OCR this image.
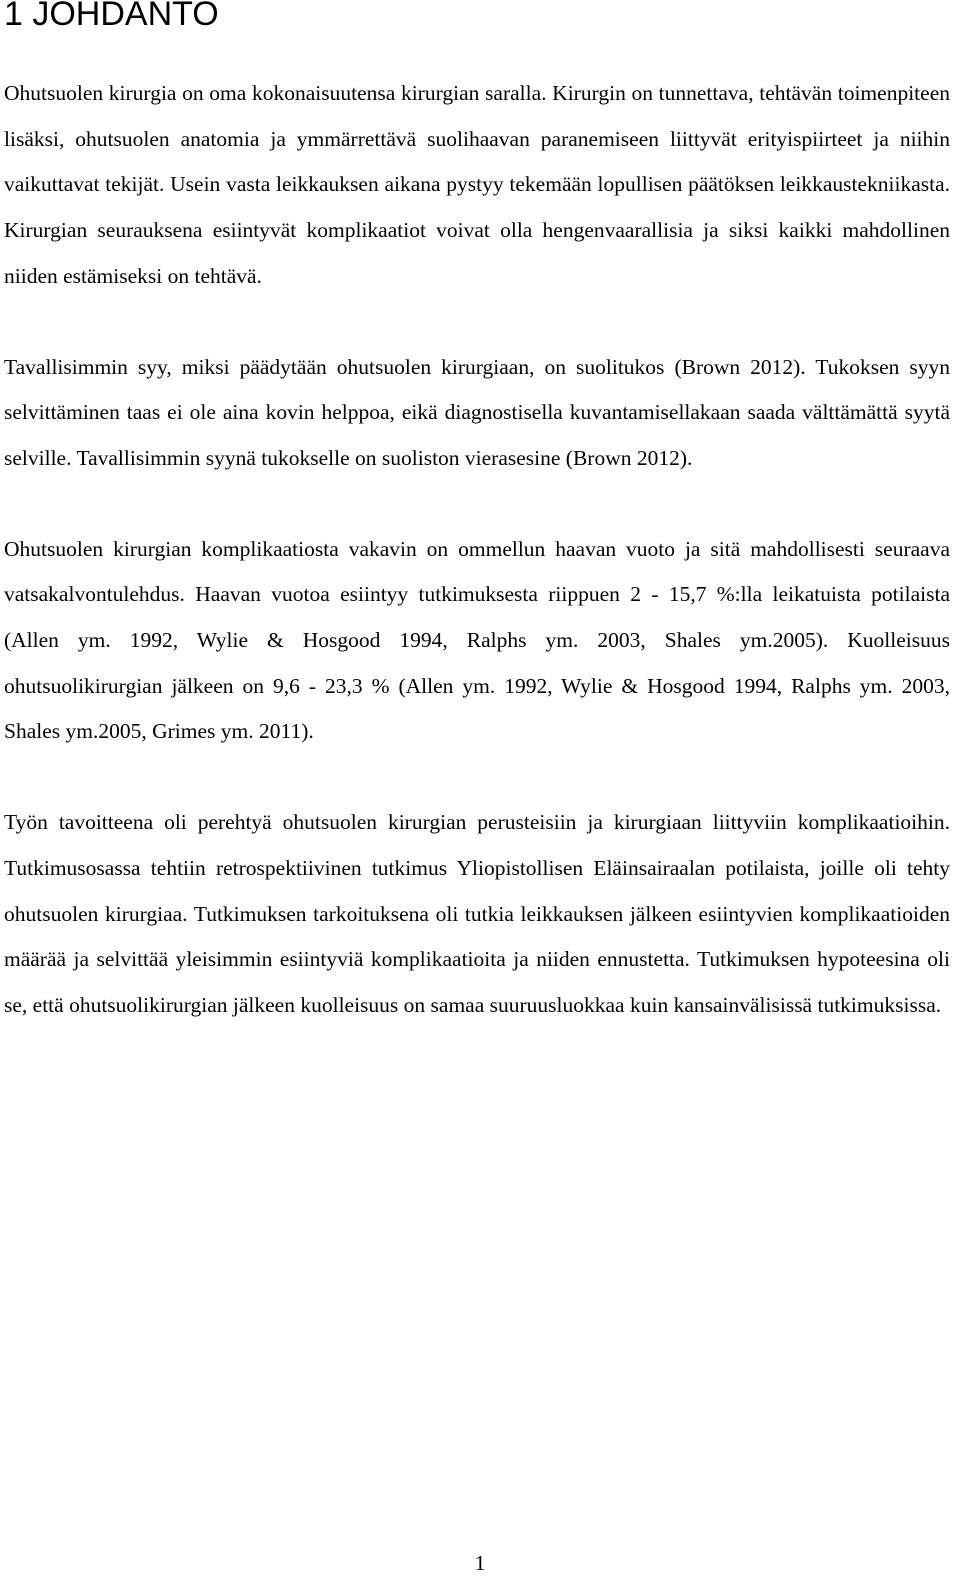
1 JOHDANTO

Ohutsuolen kirurgia on oma kokonaisuutensa kirurgian saralla. Kirurgin on tunnettava, tehtävän toimenpiteen lisäksi, ohutsuolen anatomia ja ymmärrettävä suolihaavan paranemiseen liittyvät erityispiirteet ja niihin vaikuttavat tekijät. Usein vasta leikkauksen aikana pystyy tekemään lopullisen päätöksen leikkaustekniikasta. Kirurgian seurauksena esiintyvät komplikaatiot voivat olla hengenvaarallisia ja siksi kaikki mahdollinen niiden estämiseksi on tehtävä.

Tavallisimmin syy, miksi päädytään ohutsuolen kirurgiaan, on suolitukos (Brown 2012). Tukoksen syyn selvittäminen taas ei ole aina kovin helppoa, eikä diagnostisella kuvantamisellakaan saada välttämättä syytä selville. Tavallisimmin syynä tukokselle on suoliston vierasesine (Brown 2012).

Ohutsuolen kirurgian komplikaatiosta vakavin on ommellun haavan vuoto ja sitä mahdollisesti seuraava vatsakalvontulehdus. Haavan vuotoa esiintyy tutkimuksesta riippuen 2 - 15,7 %:lla leikatuista potilaista (Allen ym. 1992, Wylie & Hosgood 1994, Ralphs ym. 2003, Shales ym.2005). Kuolleisuus ohutsuolikirurgian jälkeen on 9,6 - 23,3 % (Allen ym. 1992, Wylie & Hosgood 1994, Ralphs ym. 2003, Shales ym.2005, Grimes ym. 2011).

Työn tavoitteena oli perehtyä ohutsuolen kirurgian perusteisiin ja kirurgiaan liittyviin komplikaatioihin. Tutkimusosassa tehtiin retrospektiivinen tutkimus Yliopistollisen Eläinsairaalan potilaista, joille oli tehty ohutsuolen kirurgiaa. Tutkimuksen tarkoituksena oli tutkia leikkauksen jälkeen esiintyvien komplikaatioiden määrää ja selvittää yleisimmin esiintyviä komplikaatioita ja niiden ennustetta. Tutkimuksen hypoteesina oli se, että ohutsuolikirurgian jälkeen kuolleisuus on samaa suuruusluokkaa kuin kansainvälisissä tutkimuksissa.

1
